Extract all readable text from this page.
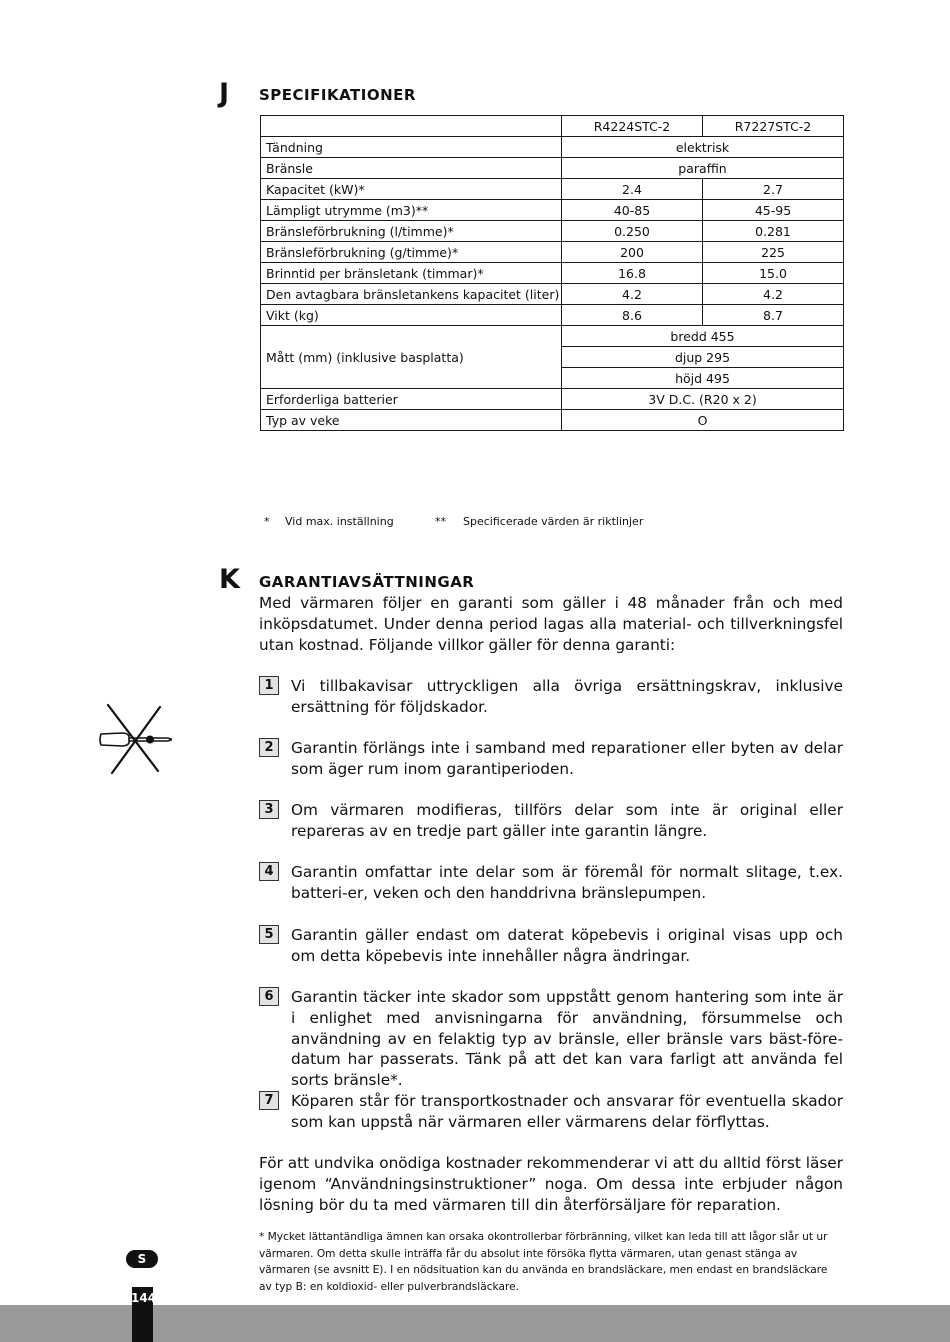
J SPECIFIKATIONER
	R4224STC-2	R7227STC-2
Tändning	elektrisk	
Bränsle	paraffin	
Kapacitet (kW)*	2.4	2.7
Lämpligt utrymme (m3)**	40-85	45-95
Bränsleförbrukning (l/timme)*	0.250	0.281
Bränsleförbrukning (g/timme)*	200	225
Brinntid per bränsletank (timmar)*	16.8	15.0
Den avtagbara bränsletankens kapacitet (liter)	4.2	4.2
Vikt (kg)	8.6	8.7
Mått (mm) (inklusive basplatta)	bredd 455	
	djup 295	
	höjd 495	
Erforderliga batterier	3V D.C. (R20 x 2)	
Typ av veke	O	
* Vid max. inställning	** Specificerade värden är riktlinjer
K GARANTIAVSÄTTNINGAR

Med värmaren följer en garanti som gäller i 48 månader från och med inköpsdatumet. Under denna period lagas alla material- och tillverkningsfel utan kostnad. Följande villkor gäller för denna garanti:

1	Vi tillbakavisar uttryckligen alla övriga ersättningskrav, inklusive ersättning för följdskador.

2	Garantin förlängs inte i samband med reparationer eller byten av delar som äger rum inom garantiperioden.

3	Om värmaren modifieras, tillförs delar som inte är original eller repareras av en tredje part gäller inte garantin längre.

4	Garantin omfattar inte delar som är föremål för normalt slitage, t.ex. batteri-er, veken och den handdrivna bränslepumpen.

5	Garantin gäller endast om daterat köpebevis i original visas upp och om detta köpebevis inte innehåller några ändringar.

6	Garantin täcker inte skador som uppstått genom hantering som inte är i enlighet med anvisningarna för användning, försummelse och användning av en felaktig typ av bränsle, eller bränsle vars bäst-före-datum har passerats. Tänk på att det kan vara farligt att använda fel sorts bränsle*.

7	Köparen står för transportkostnader och ansvarar för eventuella skador som kan uppstå när värmaren eller värmarens delar förflyttas.

För att undvika onödiga kostnader rekommenderar vi att du alltid först läser igenom “Användningsinstruktioner” noga. Om dessa inte erbjuder någon lösning bör du ta med värmaren till din återförsäljare för reparation.

* Mycket lättantändliga ämnen kan orsaka okontrollerbar förbränning, vilket kan leda till att lågor slår ut ur värmaren. Om detta skulle inträffa får du absolut inte försöka flytta värmaren, utan genast stänga av värmaren (se avsnitt E). I en nödsituation kan du använda en brandsläckare, men endast en brandsläckare av typ B: en koldioxid- eller pulverbrandsläckare.

144
S
